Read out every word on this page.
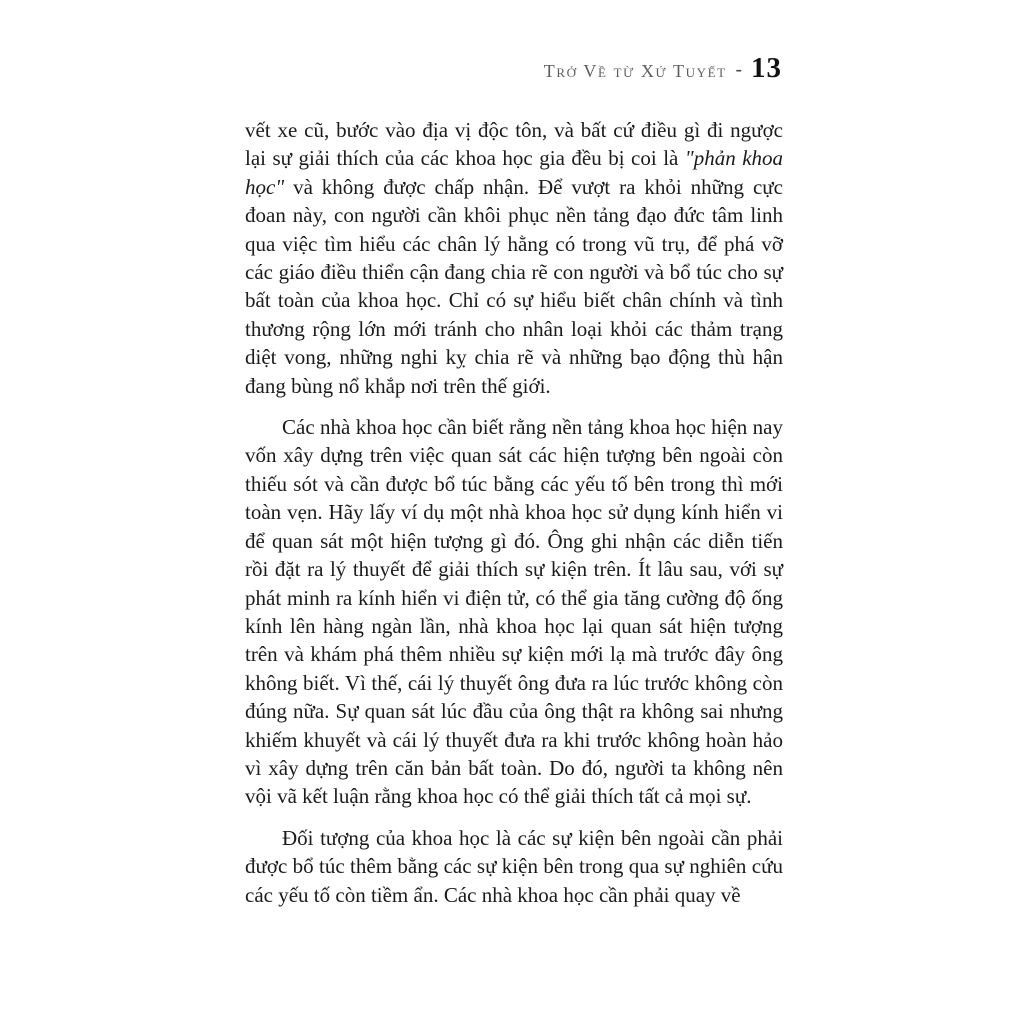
Trở Về từ Xứ Tuyết - 13

vết xe cũ, bước vào địa vị độc tôn, và bất cứ điều gì đi ngược lại sự giải thích của các khoa học gia đều bị coi là "phản khoa học" và không được chấp nhận. Để vượt ra khỏi những cực đoan này, con người cần khôi phục nền tảng đạo đức tâm linh qua việc tìm hiểu các chân lý hằng có trong vũ trụ, để phá vỡ các giáo điều thiển cận đang chia rẽ con người và bổ túc cho sự bất toàn của khoa học. Chỉ có sự hiểu biết chân chính và tình thương rộng lớn mới tránh cho nhân loại khỏi các thảm trạng diệt vong, những nghi kỵ chia rẽ và những bạo động thù hận đang bùng nổ khắp nơi trên thế giới.

Các nhà khoa học cần biết rằng nền tảng khoa học hiện nay vốn xây dựng trên việc quan sát các hiện tượng bên ngoài còn thiếu sót và cần được bổ túc bằng các yếu tố bên trong thì mới toàn vẹn. Hãy lấy ví dụ một nhà khoa học sử dụng kính hiển vi để quan sát một hiện tượng gì đó. Ông ghi nhận các diễn tiến rồi đặt ra lý thuyết để giải thích sự kiện trên. Ít lâu sau, với sự phát minh ra kính hiển vi điện tử, có thể gia tăng cường độ ống kính lên hàng ngàn lần, nhà khoa học lại quan sát hiện tượng trên và khám phá thêm nhiều sự kiện mới lạ mà trước đây ông không biết. Vì thế, cái lý thuyết ông đưa ra lúc trước không còn đúng nữa. Sự quan sát lúc đầu của ông thật ra không sai nhưng khiếm khuyết và cái lý thuyết đưa ra khi trước không hoàn hảo vì xây dựng trên căn bản bất toàn. Do đó, người ta không nên vội vã kết luận rằng khoa học có thể giải thích tất cả mọi sự.

Đối tượng của khoa học là các sự kiện bên ngoài cần phải được bổ túc thêm bằng các sự kiện bên trong qua sự nghiên cứu các yếu tố còn tiềm ẩn. Các nhà khoa học cần phải quay về
